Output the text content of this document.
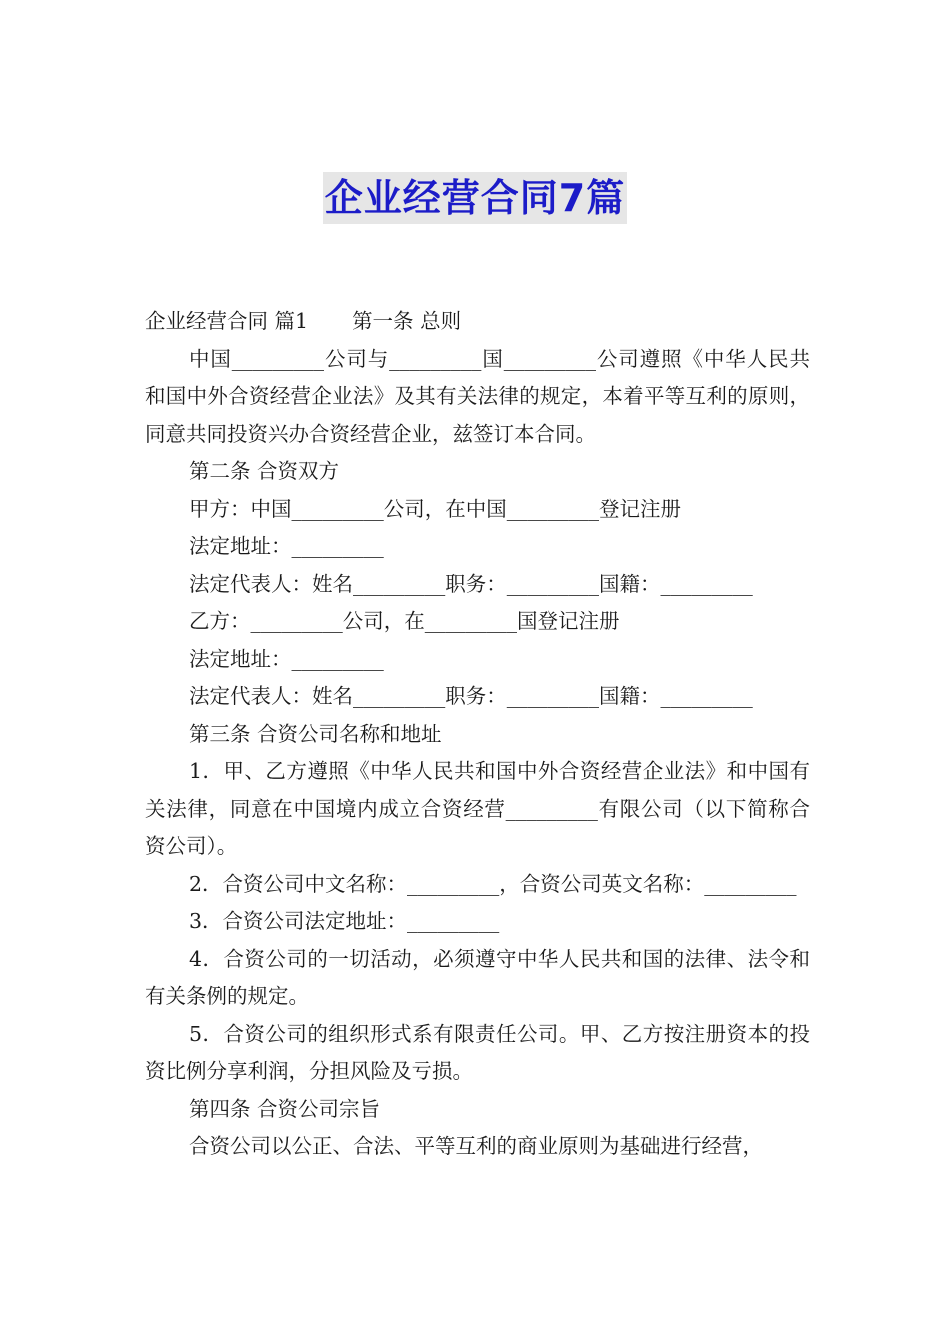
企业经营合同7篇

企业经营合同 篇1 第一条 总则

中国_________公司与_________国_________公司遵照《中华人民共和国中外合资经营企业法》及其有关法律的规定，本着平等互利的原则，同意共同投资兴办合资经营企业，兹签订本合同。

第二条 合资双方

甲方：中国_________公司，在中国_________登记注册

法定地址：_________

法定代表人：姓名_________职务：_________国籍：_________

乙方：_________公司，在_________国登记注册

法定地址：_________

法定代表人：姓名_________职务：_________国籍：_________

第三条 合资公司名称和地址

1．甲、乙方遵照《中华人民共和国中外合资经营企业法》和中国有关法律，同意在中国境内成立合资经营_________有限公司（以下简称合资公司）。

2．合资公司中文名称：_________，合资公司英文名称：_________

3．合资公司法定地址：_________

4．合资公司的一切活动，必须遵守中华人民共和国的法律、法令和有关条例的规定。

5．合资公司的组织形式系有限责任公司。甲、乙方按注册资本的投资比例分享利润，分担风险及亏损。

第四条 合资公司宗旨

合资公司以公正、合法、平等互利的商业原则为基础进行经营，
